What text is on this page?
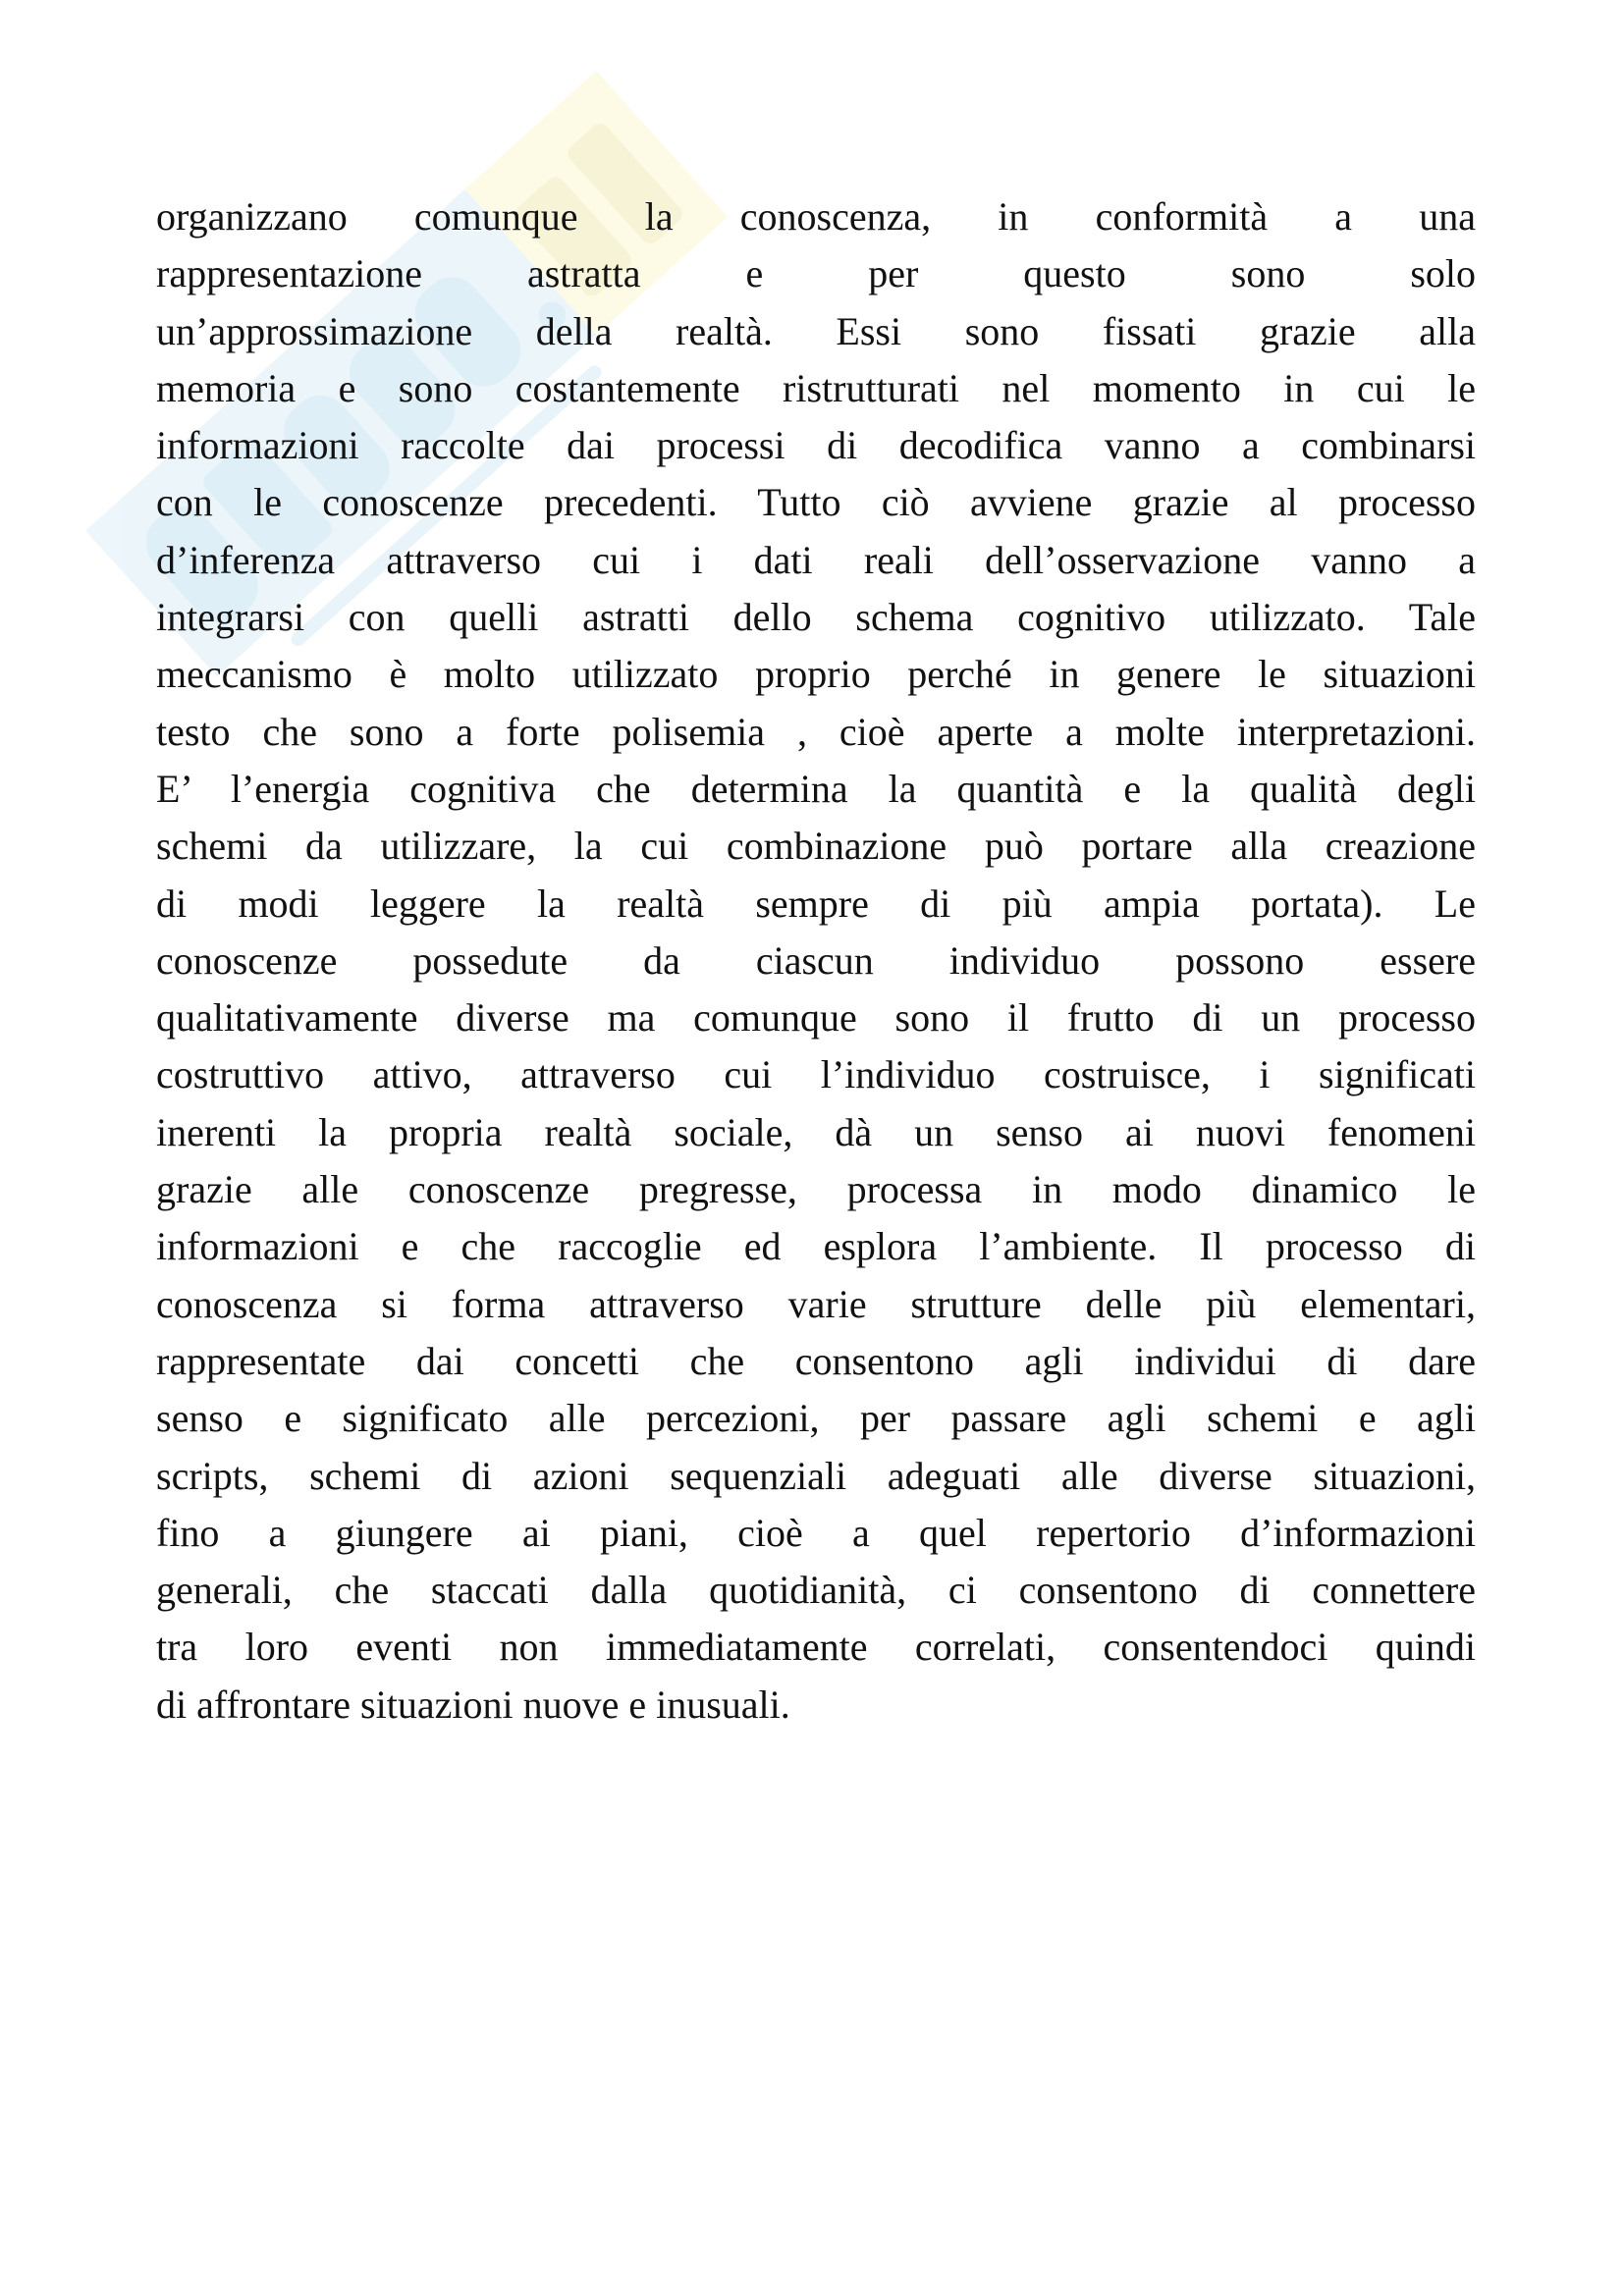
organizzano comunque la conoscenza, in conformità a una
rappresentazione astratta e per questo sono solo
un’approssimazione della realtà. Essi sono fissati grazie alla
memoria e sono costantemente ristrutturati nel momento in cui le
informazioni raccolte dai processi di decodifica vanno a combinarsi
con le conoscenze precedenti. Tutto ciò avviene grazie al processo
d’inferenza attraverso cui i dati reali dell’osservazione vanno a
integrarsi con quelli astratti dello schema cognitivo utilizzato. Tale
meccanismo è molto utilizzato proprio perché in genere le situazioni
testo che sono a forte polisemia , cioè aperte a molte interpretazioni.
E’ l’energia cognitiva che determina la quantità e la qualità degli
schemi da utilizzare, la cui combinazione può portare alla creazione
di modi leggere la realtà sempre di più ampia portata). Le
conoscenze possedute da ciascun individuo possono essere
qualitativamente diverse ma comunque sono il frutto di un processo
costruttivo attivo, attraverso cui l’individuo costruisce, i significati
inerenti la propria realtà sociale, dà un senso ai nuovi fenomeni
grazie alle conoscenze pregresse, processa in modo dinamico le
informazioni e che raccoglie ed esplora l’ambiente. Il processo di
conoscenza si forma attraverso varie strutture delle più elementari,
rappresentate dai concetti che consentono agli individui di dare
senso e significato alle percezioni, per passare agli schemi e agli
scripts, schemi di azioni sequenziali adeguati alle diverse situazioni,
fino a giungere ai piani, cioè a quel repertorio d’informazioni
generali, che staccati dalla quotidianità, ci consentono di connettere
tra loro eventi non immediatamente correlati, consentendoci quindi
di affrontare situazioni nuove e inusuali.
